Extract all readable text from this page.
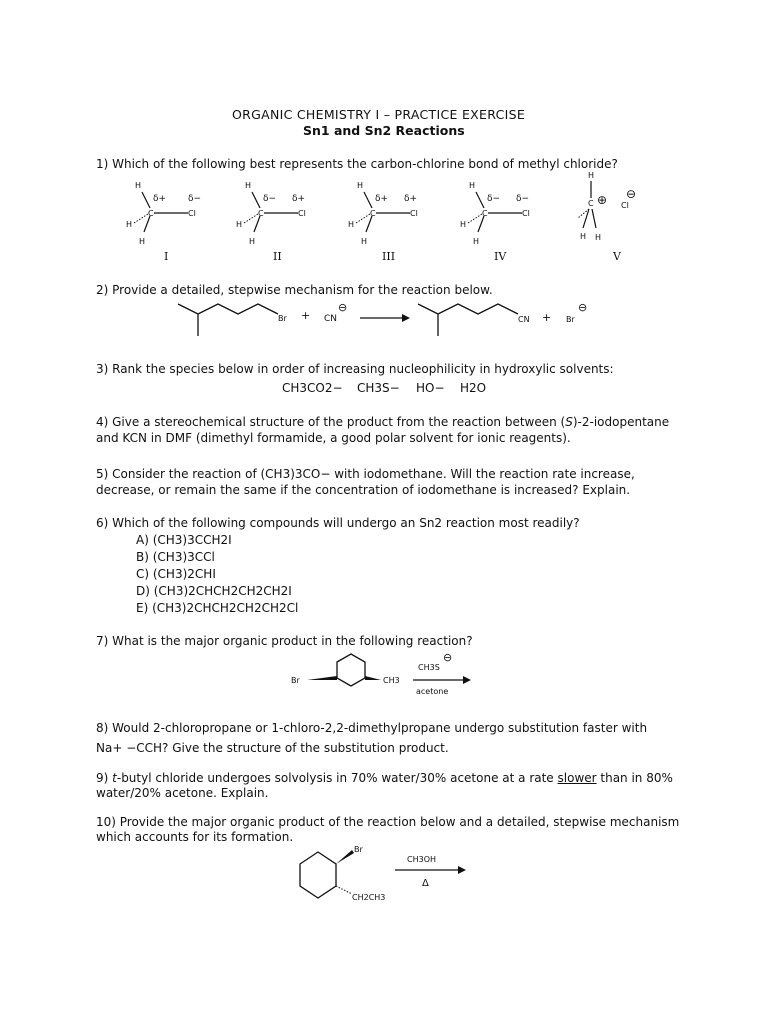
ORGANIC CHEMISTRY I – PRACTICE EXERCISE
Sn1 and Sn2 Reactions
1) Which of the following best represents the carbon-chlorine bond of methyl chloride?
H
C	Cl
H
H
δ+ δ−
I
H
C	Cl
H
H
δ− δ+
II
H
C	Cl
H
H
δ+ δ+
III
H
C	Cl
H
H
δ− δ−
IV
H
C
H H
⊕ Cl
⊖
V
2) Provide a detailed, stepwise mechanism for the reaction below.
Br + CN
⊖
CN + Br
⊖
3) Rank the species below in order of increasing nucleophilicity in hydroxylic solvents:
CH3CO2− CH3S− HO− H2O
4) Give a stereochemical structure of the product from the reaction between (S)-2-iodopentane
and KCN in DMF (dimethyl formamide, a good polar solvent for ionic reagents).
5) Consider the reaction of (CH3)3CO− with iodomethane. Will the reaction rate increase,
decrease, or remain the same if the concentration of iodomethane is increased? Explain.
6) Which of the following compounds will undergo an Sn2 reaction most readily?
A) (CH3)3CCH2I
B) (CH3)3CCl
C) (CH3)2CHI
D) (CH3)2CHCH2CH2CH2I
E) (CH3)2CHCH2CH2CH2Cl
7) What is the major organic product in the following reaction?
Br	CH3
CH3S
⊖
acetone
8) Would 2-chloropropane or 1-chloro-2,2-dimethylpropane undergo substitution faster with
Na+ −CCH? Give the structure of the substitution product.
9) t-butyl chloride undergoes solvolysis in 70% water/30% acetone at a rate slower than in 80%
water/20% acetone. Explain.
10) Provide the major organic product of the reaction below and a detailed, stepwise mechanism
which accounts for its formation.
Br
CH2CH3
CH3OH
Δ
